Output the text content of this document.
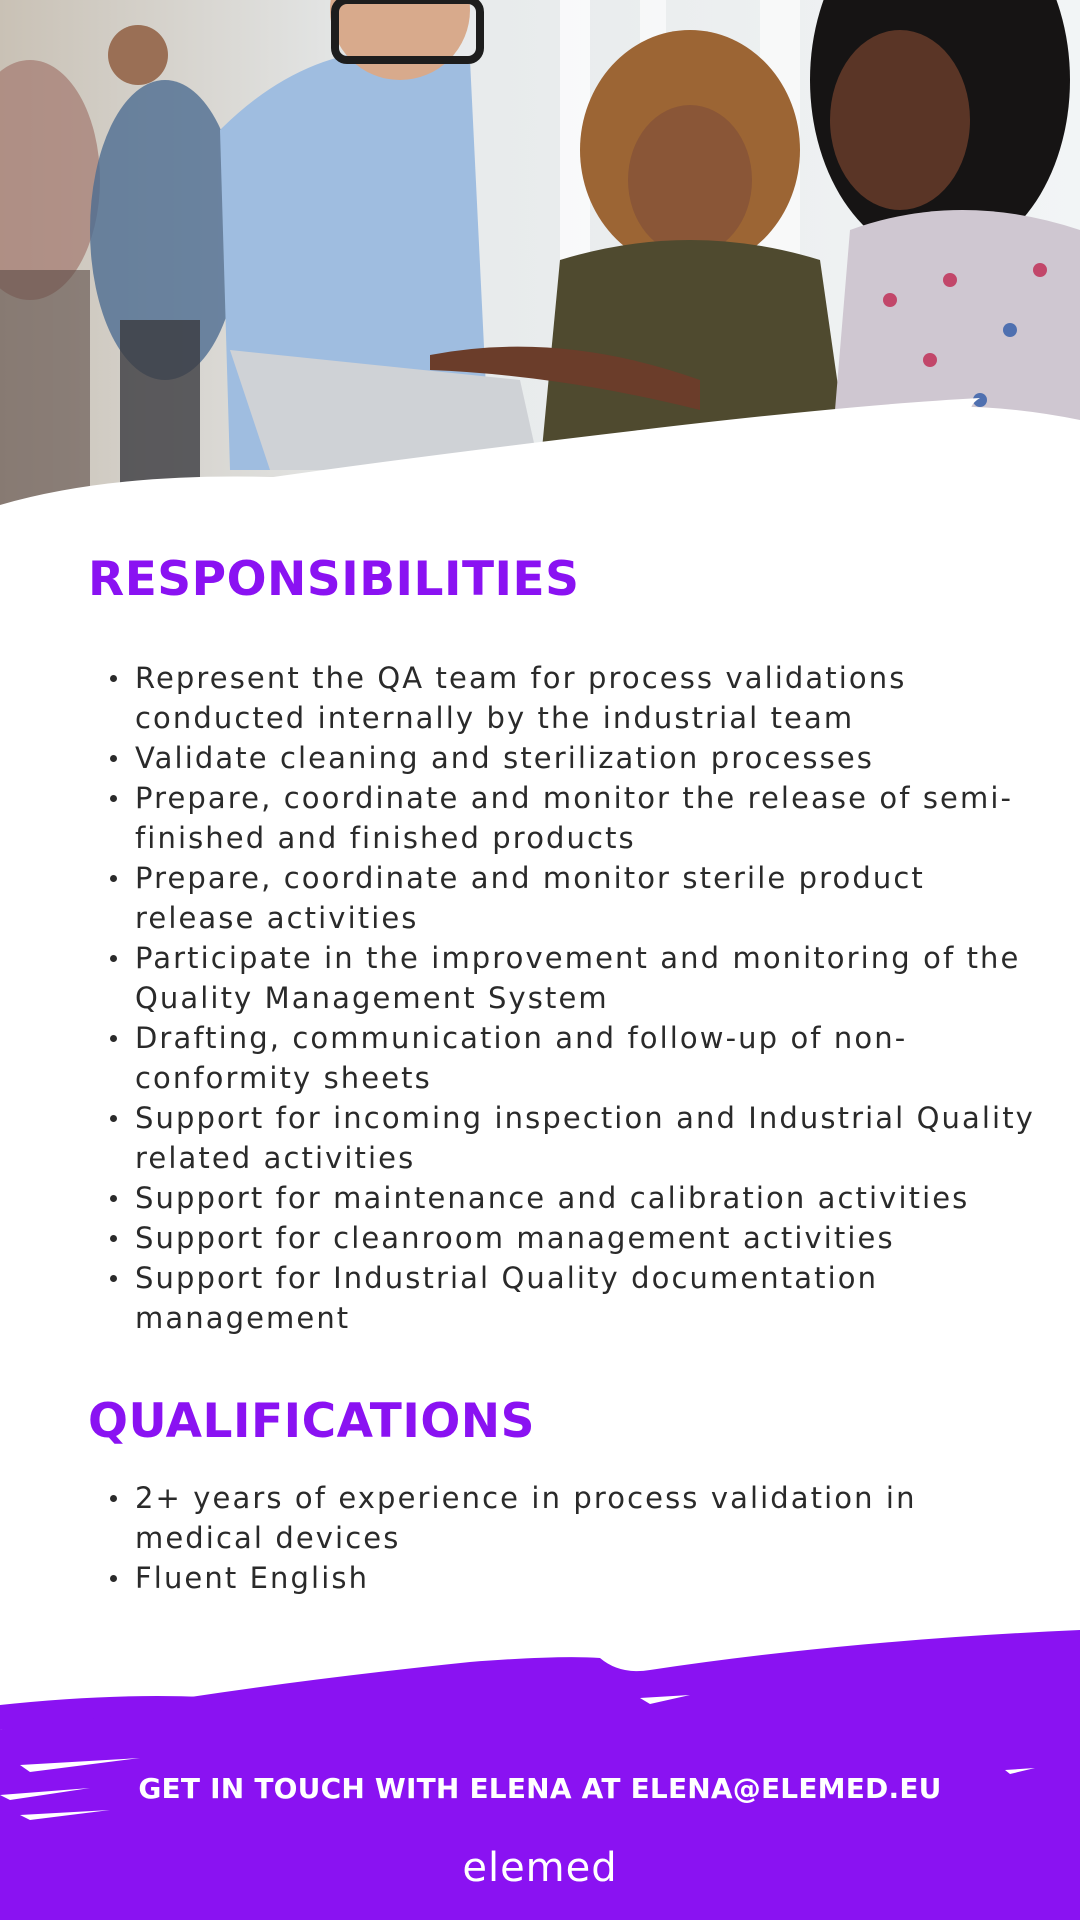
RESPONSIBILITIES
Represent the QA team for process validations conducted internally by the industrial team
Validate cleaning and sterilization processes
Prepare, coordinate and monitor the release of semi-finished and finished products
Prepare, coordinate and monitor sterile product release activities
Participate in the improvement and monitoring of the Quality Management System
Drafting, communication and follow-up of non-conformity sheets
Support for incoming inspection and Industrial Quality related activities
Support for maintenance and calibration activities
Support for cleanroom management activities
Support for Industrial Quality documentation management
QUALIFICATIONS
2+ years of experience in process validation in medical devices
Fluent English
GET IN TOUCH WITH ELENA AT ELENA@ELEMED.EU
elemed
